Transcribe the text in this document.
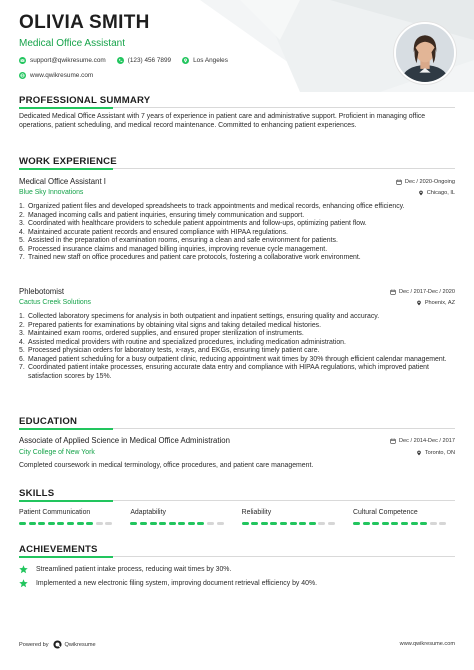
OLIVIA SMITH
Medical Office Assistant
support@qwikresume.com	(123) 456 7899	Los Angeles
www.qwikresume.com
PROFESSIONAL SUMMARY
Dedicated Medical Office Assistant with 7 years of experience in patient care and administrative support. Proficient in managing office operations, patient scheduling, and medical record maintenance. Committed to enhancing patient experiences.
WORK EXPERIENCE
Medical Office Assistant I	Dec / 2020-Ongoing
Blue Sky Innovations	Chicago, IL
1. Organized patient files and developed spreadsheets to track appointments and medical records, enhancing office efficiency.
2. Managed incoming calls and patient inquiries, ensuring timely communication and support.
3. Coordinated with healthcare providers to schedule patient appointments and follow-ups, optimizing patient flow.
4. Maintained accurate patient records and ensured compliance with HIPAA regulations.
5. Assisted in the preparation of examination rooms, ensuring a clean and safe environment for patients.
6. Processed insurance claims and managed billing inquiries, improving revenue cycle management.
7. Trained new staff on office procedures and patient care protocols, fostering a collaborative work environment.
Phlebotomist	Dec / 2017-Dec / 2020
Cactus Creek Solutions	Phoenix, AZ
1. Collected laboratory specimens for analysis in both outpatient and inpatient settings, ensuring quality and accuracy.
2. Prepared patients for examinations by obtaining vital signs and taking detailed medical histories.
3. Maintained exam rooms, ordered supplies, and ensured proper sterilization of instruments.
4. Assisted medical providers with routine and specialized procedures, including medication administration.
5. Processed physician orders for laboratory tests, x-rays, and EKGs, ensuring timely patient care.
6. Managed patient scheduling for a busy outpatient clinic, reducing appointment wait times by 30% through efficient calendar management.
7. Coordinated patient intake processes, ensuring accurate data entry and compliance with HIPAA regulations, which improved patient satisfaction scores by 15%.
EDUCATION
Associate of Applied Science in Medical Office Administration	Dec / 2014-Dec / 2017
City College of New York	Toronto, ON
Completed coursework in medical terminology, office procedures, and patient care management.
SKILLS
Patient Communication	Adaptability	Reliability	Cultural Competence
ACHIEVEMENTS
Streamlined patient intake process, reducing wait times by 30%.
Implemented a new electronic filing system, improving document retrieval efficiency by 40%.
Powered by	Qwikresume	www.qwikresume.com
